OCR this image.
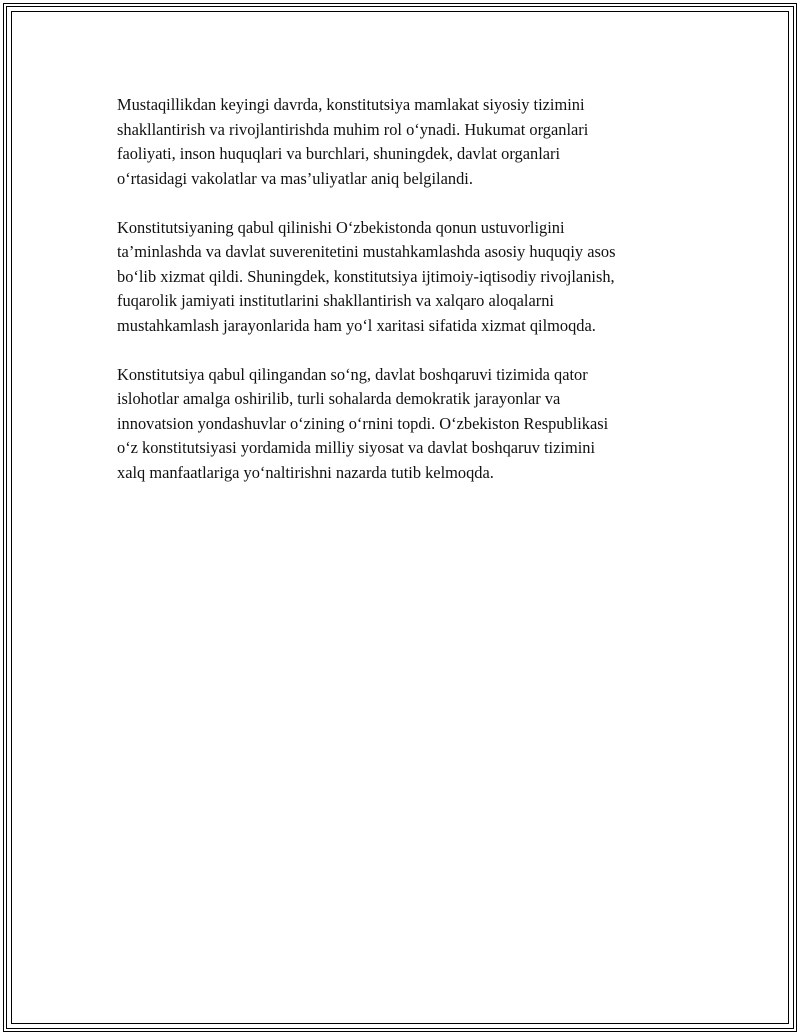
Mustaqillikdan keyingi davrda, konstitutsiya mamlakat siyosiy tizimini
shakllantirish va rivojlantirishda muhim rol o‘ynadi. Hukumat organlari
faoliyati, inson huquqlari va burchlari, shuningdek, davlat organlari
o‘rtasidagi vakolatlar va mas’uliyatlar aniq belgilandi.

Konstitutsiyaning qabul qilinishi O‘zbekistonda qonun ustuvorligini
ta’minlashda va davlat suverenitetini mustahkamlashda asosiy huquqiy asos
bo‘lib xizmat qildi. Shuningdek, konstitutsiya ijtimoiy-iqtisodiy rivojlanish,
fuqarolik jamiyati institutlarini shakllantirish va xalqaro aloqalarni
mustahkamlash jarayonlarida ham yo‘l xaritasi sifatida xizmat qilmoqda.

Konstitutsiya qabul qilingandan so‘ng, davlat boshqaruvi tizimida qator
islohotlar amalga oshirilib, turli sohalarda demokratik jarayonlar va
innovatsion yondashuvlar o‘zining o‘rnini topdi. O‘zbekiston Respublikasi
o‘z konstitutsiyasi yordamida milliy siyosat va davlat boshqaruv tizimini
xalq manfaatlariga yo‘naltirishni nazarda tutib kelmoqda.
